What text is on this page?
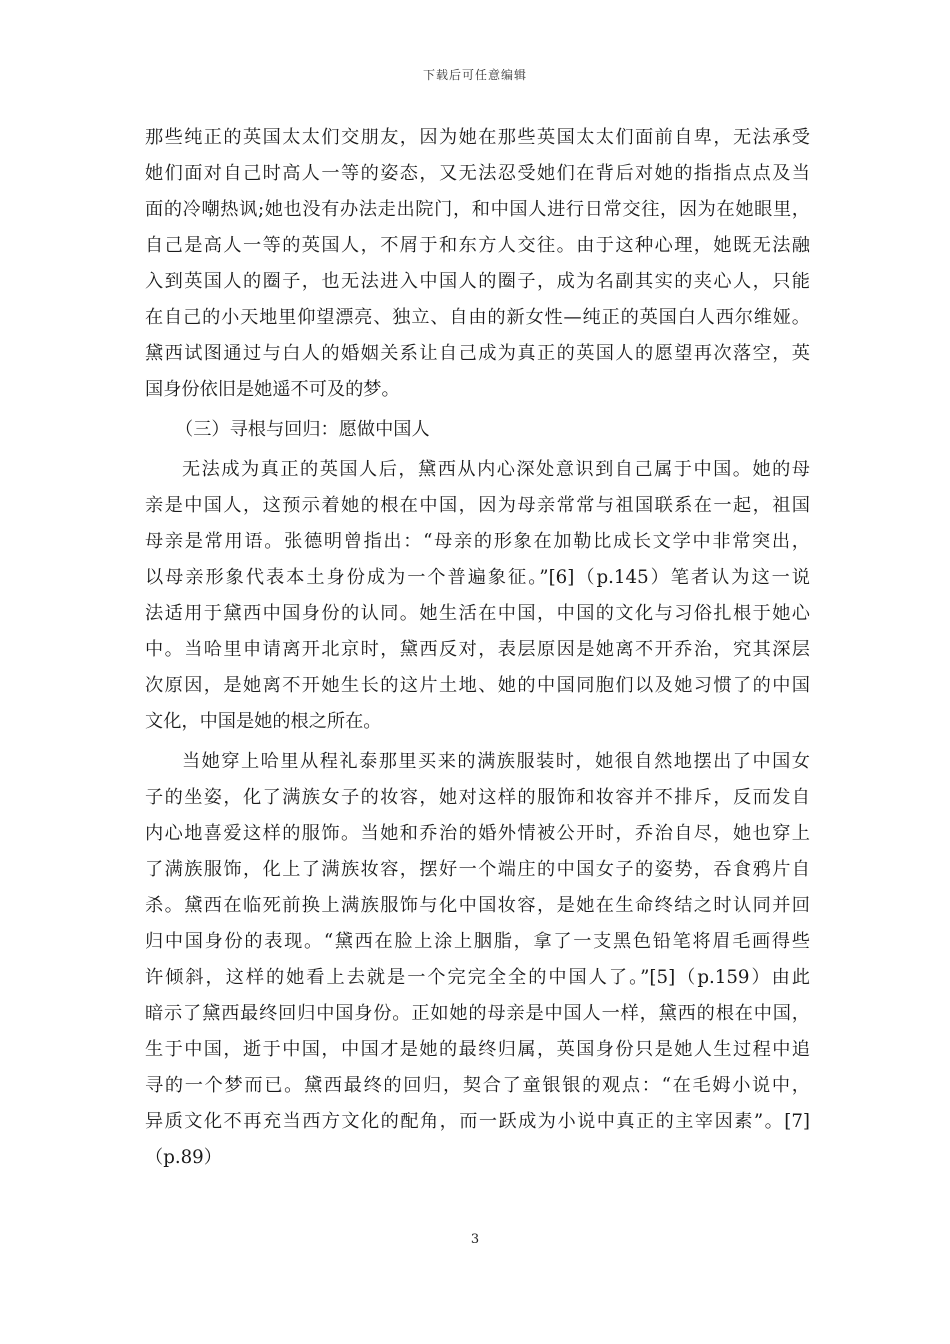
下载后可任意编辑
那些纯正的英国太太们交朋友，因为她在那些英国太太们面前自卑，无法承受
她们面对自己时高人一等的姿态，又无法忍受她们在背后对她的指指点点及当
面的冷嘲热讽;她也没有办法走出院门，和中国人进行日常交往，因为在她眼里，
自己是高人一等的英国人，不屑于和东方人交往。由于这种心理，她既无法融
入到英国人的圈子，也无法进入中国人的圈子，成为名副其实的夹心人，只能
在自己的小天地里仰望漂亮、独立、自由的新女性—纯正的英国白人西尔维娅。
黛西试图通过与白人的婚姻关系让自己成为真正的英国人的愿望再次落空，英
国身份依旧是她遥不可及的梦。
（三）寻根与回归：愿做中国人
无法成为真正的英国人后，黛西从内心深处意识到自己属于中国。她的母
亲是中国人，这预示着她的根在中国，因为母亲常常与祖国联系在一起，祖国
母亲是常用语。张德明曾指出：“母亲的形象在加勒比成长文学中非常突出，
以母亲形象代表本土身份成为一个普遍象征。”[6]（p.145）笔者认为这一说
法适用于黛西中国身份的认同。她生活在中国，中国的文化与习俗扎根于她心
中。当哈里申请离开北京时，黛西反对，表层原因是她离不开乔治，究其深层
次原因，是她离不开她生长的这片土地、她的中国同胞们以及她习惯了的中国
文化，中国是她的根之所在。
当她穿上哈里从程礼泰那里买来的满族服装时，她很自然地摆出了中国女
子的坐姿，化了满族女子的妆容，她对这样的服饰和妆容并不排斥，反而发自
内心地喜爱这样的服饰。当她和乔治的婚外情被公开时，乔治自尽，她也穿上
了满族服饰，化上了满族妆容，摆好一个端庄的中国女子的姿势，吞食鸦片自
杀。黛西在临死前换上满族服饰与化中国妆容，是她在生命终结之时认同并回
归中国身份的表现。“黛西在脸上涂上胭脂，拿了一支黑色铅笔将眉毛画得些
许倾斜，这样的她看上去就是一个完完全全的中国人了。”[5]（p.159）由此
暗示了黛西最终回归中国身份。正如她的母亲是中国人一样，黛西的根在中国，
生于中国，逝于中国，中国才是她的最终归属，英国身份只是她人生过程中追
寻的一个梦而已。黛西最终的回归，契合了童银银的观点：“在毛姆小说中，
异质文化不再充当西方文化的配角，而一跃成为小说中真正的主宰因素”。[7]
（p.89）
3
